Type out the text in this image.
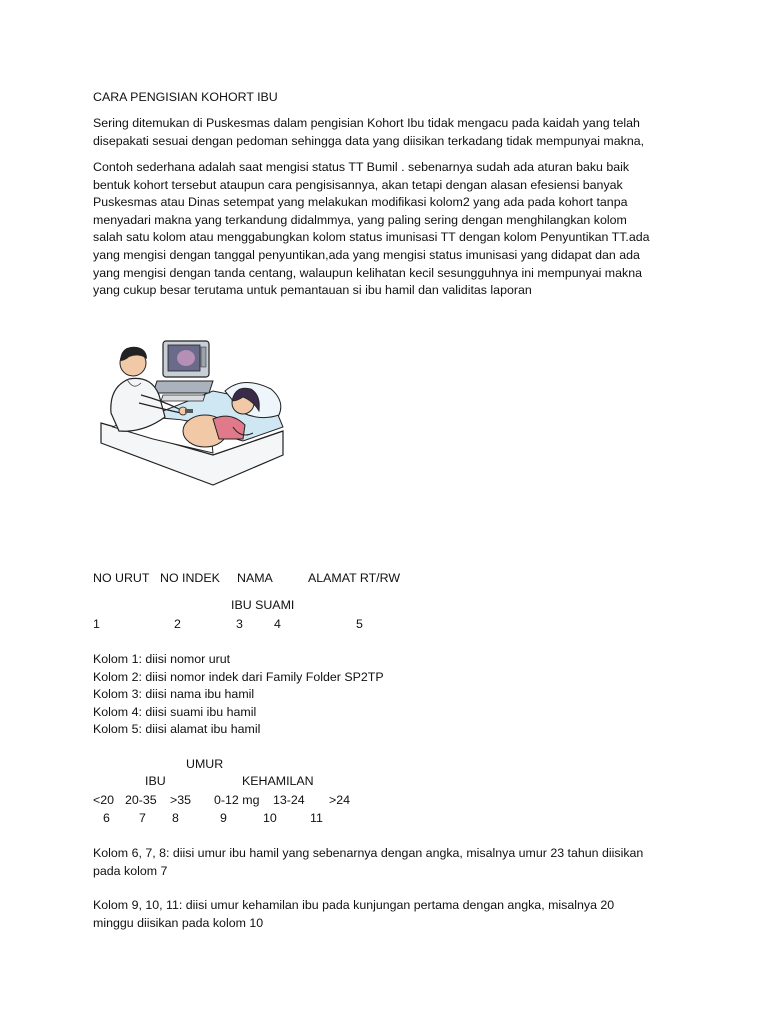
CARA PENGISIAN KOHORT IBU
Sering ditemukan di Puskesmas dalam pengisian Kohort Ibu tidak mengacu pada kaidah yang telah
disepakati sesuai dengan pedoman sehingga data yang diisikan terkadang tidak mempunyai makna,
Contoh sederhana adalah saat mengisi status TT Bumil . sebenarnya sudah ada aturan baku baik
bentuk kohort tersebut ataupun cara pengisisannya, akan tetapi dengan alasan efesiensi banyak
Puskesmas atau Dinas setempat yang melakukan modifikasi kolom2 yang ada pada kohort tanpa
menyadari makna yang terkandung didalmmya, yang paling sering dengan menghilangkan kolom
salah satu kolom atau menggabungkan kolom status imunisasi TT dengan kolom Penyuntikan TT.ada
yang mengisi dengan tanggal penyuntikan,ada yang mengisi status imunisasi yang didapat dan ada
yang mengisi dengan tanda centang, walaupun kelihatan kecil sesungguhnya ini mempunyai makna
yang cukup besar terutama untuk pemantauan si ibu hamil dan validitas laporan
NO URUT NO INDEK NAMA	ALAMAT RT/RW
IBU SUAMI
1	2	3	4	5
Kolom 1: diisi nomor urut
Kolom 2: diisi nomor indek dari Family Folder SP2TP
Kolom 3: diisi nama ibu hamil
Kolom 4: diisi suami ibu hamil
Kolom 5: diisi alamat ibu hamil
UMUR
IBU	KEHAMILAN
<20 20-35 >35 0-12 mg 13-24 >24
6 7 8	9	10	11
Kolom 6, 7, 8: diisi umur ibu hamil yang sebenarnya dengan angka, misalnya umur 23 tahun diisikan
pada kolom 7
Kolom 9, 10, 11: diisi umur kehamilan ibu pada kunjungan pertama dengan angka, misalnya 20
minggu diisikan pada kolom 10
